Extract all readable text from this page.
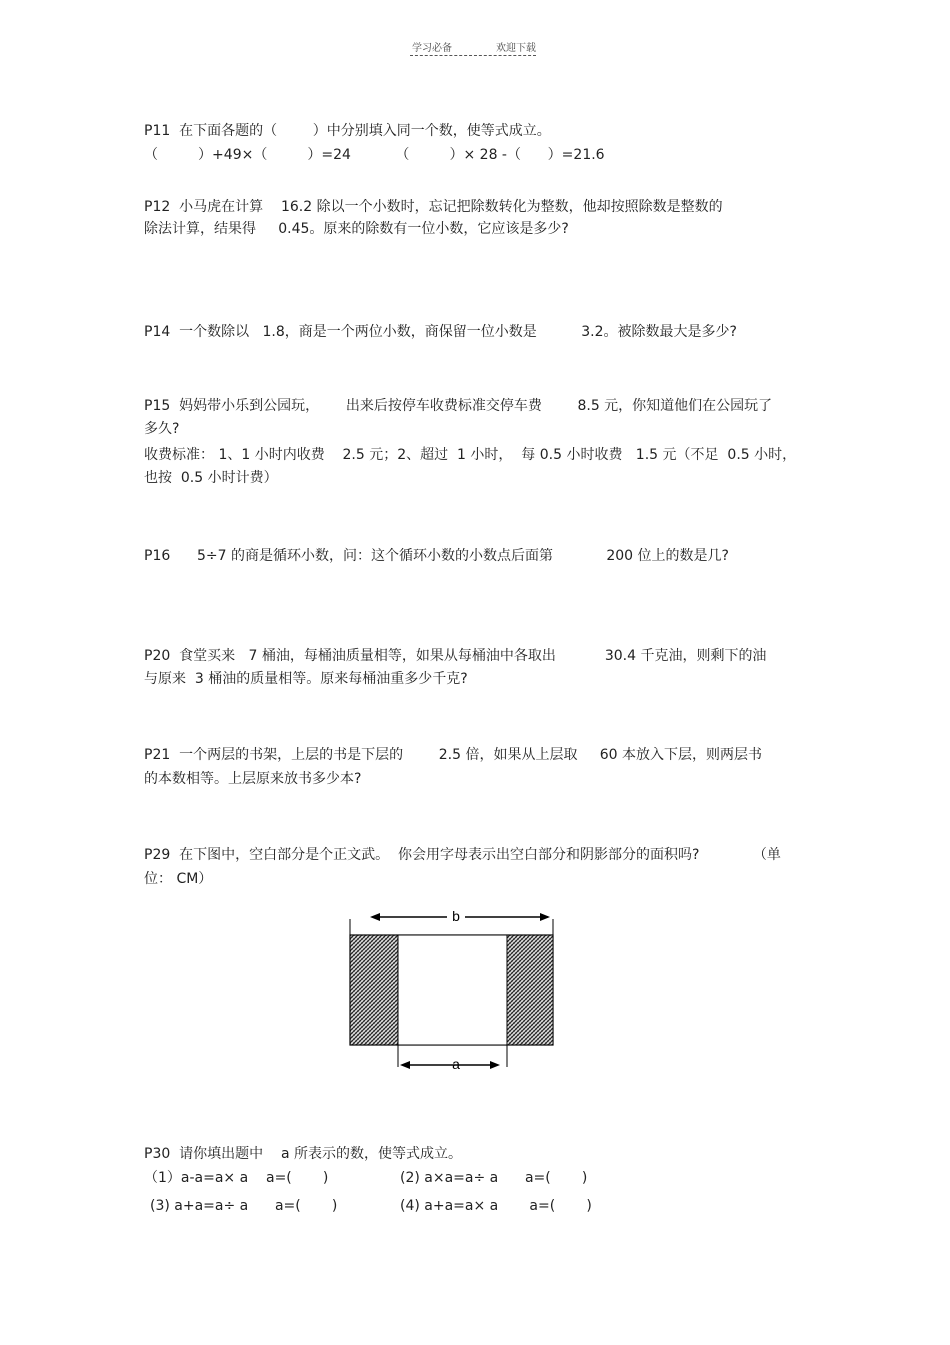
学习必备	欢迎下载
P11  在下面各题的（        ）中分别填入同一个数，使等式成立。
（         ）+49×（         ）=24          （         ）× 28 -（      ）=21.6
P12  小马虎在计算    16.2 除以一个小数时，忘记把除数转化为整数，他却按照除数是整数的
除法计算，结果得     0.45。原来的除数有一位小数，它应该是多少?
P14  一个数除以   1.8，商是一个两位小数，商保留一位小数是          3.2。被除数最大是多少?
P15  妈妈带小乐到公园玩，      出来后按停车收费标准交停车费        8.5 元，你知道他们在公园玩了
多久?
收费标准： 1、1 小时内收费    2.5 元；2、超过  1 小时，  每 0.5 小时收费   1.5 元（不足  0.5 小时，
也按  0.5 小时计费）
P16      5÷7 的商是循环小数，问：这个循环小数的小数点后面第            200 位上的数是几?
P20  食堂买来   7 桶油，每桶油质量相等，如果从每桶油中各取出           30.4 千克油，则剩下的油
与原来  3 桶油的质量相等。原来每桶油重多少千克?
P21  一个两层的书架，上层的书是下层的        2.5 倍，如果从上层取     60 本放入下层，则两层书
的本数相等。上层原来放书多少本?
P29  在下图中，空白部分是个正文武。  你会用字母表示出空白部分和阴影部分的面积吗?            （单
位： CM）
b
a
P30  请你填出题中    a 所表示的数，使等式成立。
（1）a-a=a× a    a=(       )	(2) a×a=a÷ a      a=(       )
(3) a+a=a÷ a      a=(       )	(4) a+a=a× a       a=(       )
